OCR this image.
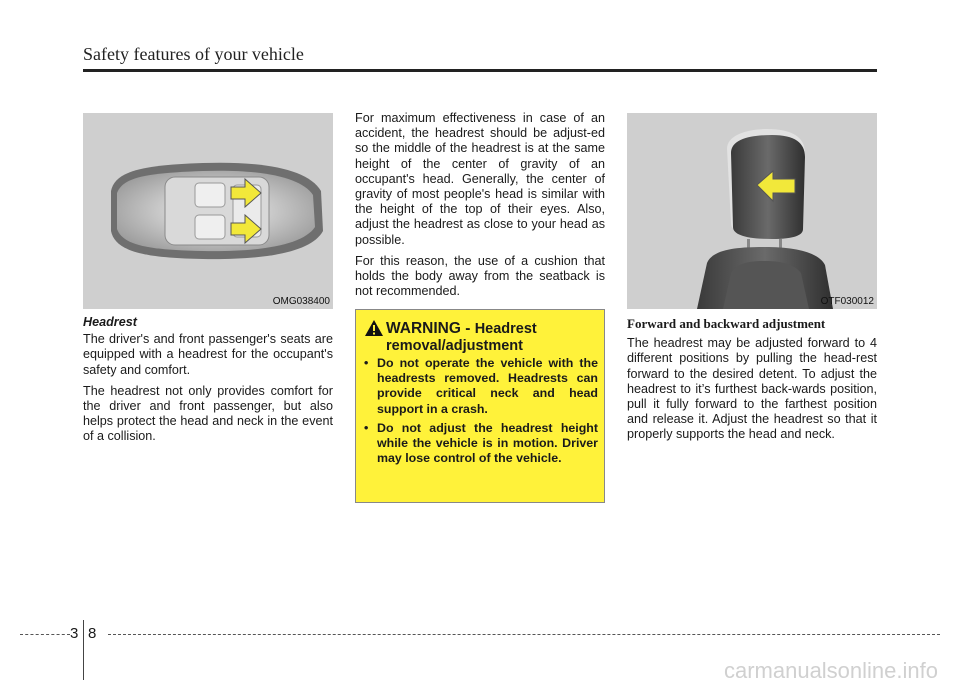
Safety features of your vehicle
OMG038400
Headrest

The driver's and front passenger's seats are equipped with a headrest for the occupant's safety and comfort.

The headrest not only provides comfort for the driver and front passenger, but also helps protect the head and neck in the event of a collision.

For maximum effectiveness in case of an accident, the headrest should be adjust-ed so the middle of the headrest is at the same height of the center of gravity of an occupant's head. Generally, the center of gravity of most people's head is similar with the height of the top of their eyes. Also, adjust the headrest as close to your head as possible.

For this reason, the use of a cushion that holds the body away from the seatback is not recommended.

WARNING - Headrest removal/adjustment
• Do not operate the vehicle with the headrests removed. Headrests can provide critical neck and head support in a crash.
• Do not adjust the headrest height while the vehicle is in motion. Driver may lose control of the vehicle.
OTF030012
Forward and backward adjustment

The headrest may be adjusted forward to 4 different positions by pulling the head-rest forward to the desired detent. To adjust the headrest to it’s furthest back-wards position, pull it fully forward to the farthest position and release it. Adjust the headrest so that it properly supports the head and neck.

3 8
carmanualsonline.info
